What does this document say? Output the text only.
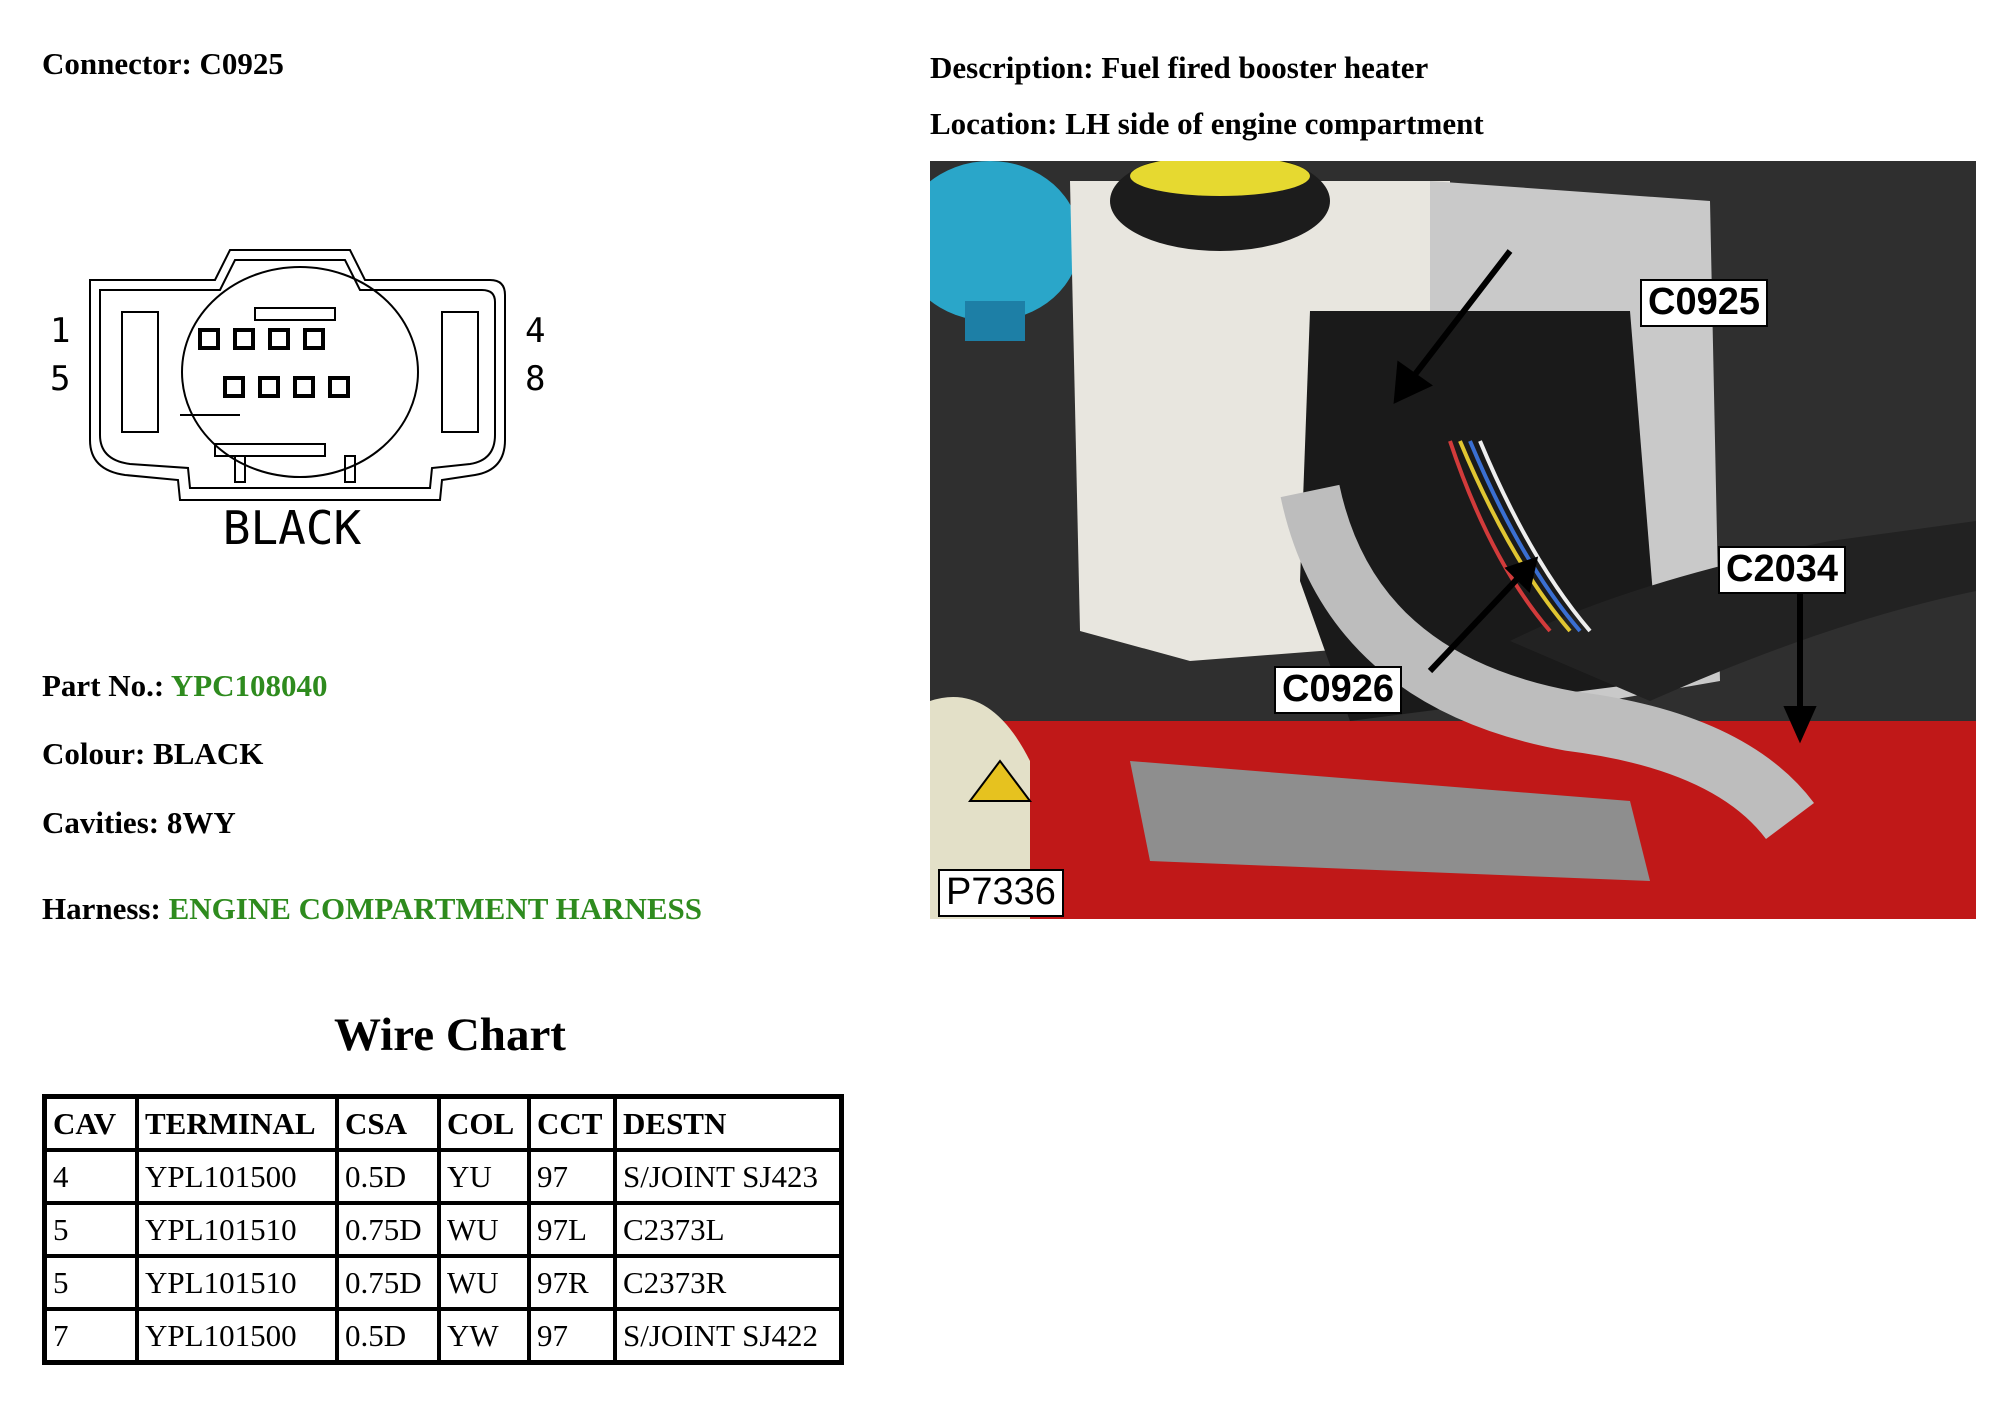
Connector: C0925	Description: Fuel fired booster heater
Location: LH side of engine compartment
1
5
4
8
BLACK
Part No.: YPC108040
Colour: BLACK
Cavities: 8WY
Harness: ENGINE COMPARTMENT HARNESS
Wire Chart
CAV	TERMINAL	CSA	COL	CCT	DESTN
4	YPL101500	0.5D	YU	97	S/JOINT SJ423
5	YPL101510	0.75D	WU	97L	C2373L
5	YPL101510	0.75D	WU	97R	C2373R
7	YPL101500	0.5D	YW	97	S/JOINT SJ422
C0925
C2034
C0926
P7336
